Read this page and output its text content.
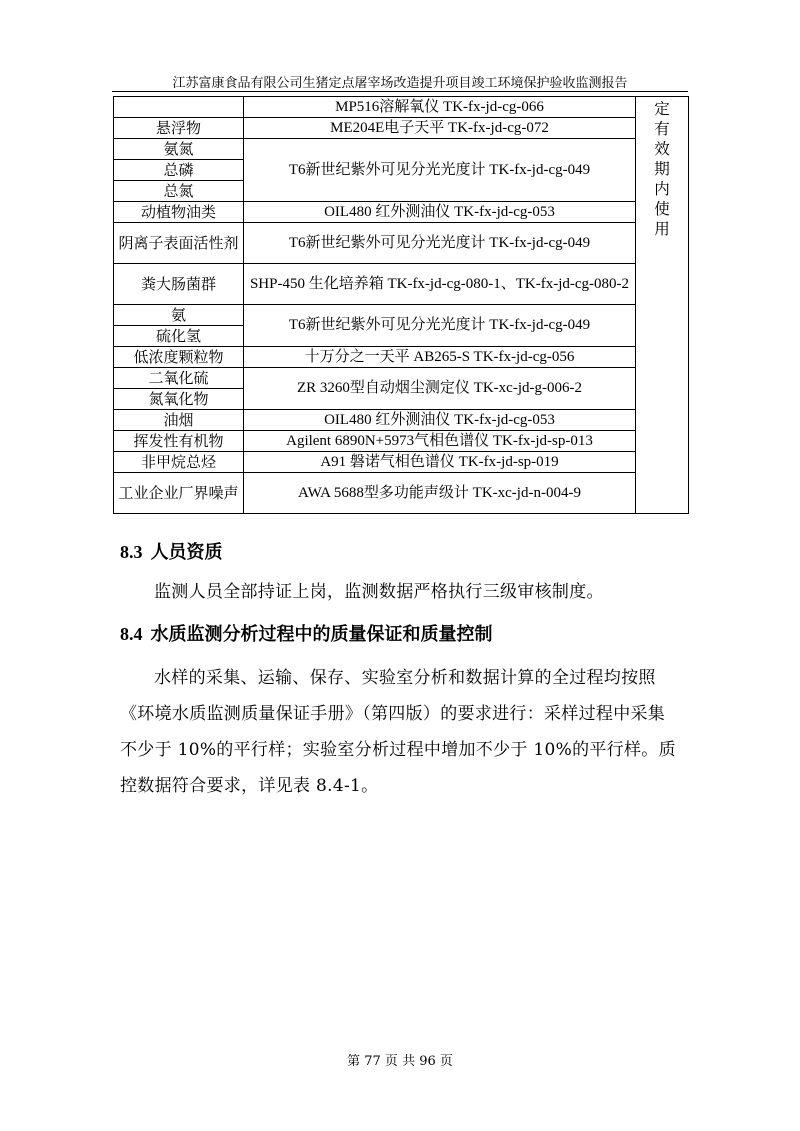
江苏富康食品有限公司生猪定点屠宰场改造提升项目竣工环境保护验收监测报告
	MP516溶解氧仪 TK-fx-jd-cg-066	定有效期内使用

悬浮物	ME204E电子天平 TK-fx-jd-cg-072	
氨氮	T6新世纪紫外可见分光光度计 TK-fx-jd-cg-049	
总磷		
总氮		
动植物油类	OIL480 红外测油仪 TK-fx-jd-cg-053	
阴离子表面活性剂	T6新世纪紫外可见分光光度计 TK-fx-jd-cg-049	
粪大肠菌群	SHP-450 生化培养箱 TK-fx-jd-cg-080-1、TK-fx-jd-cg-080-2	
氨	T6新世纪紫外可见分光光度计 TK-fx-jd-cg-049	
硫化氢		
低浓度颗粒物	十万分之一天平 AB265-S TK-fx-jd-cg-056	
二氧化硫	ZR 3260型自动烟尘测定仪 TK-xc-jd-g-006-2	
氮氧化物		
油烟	OIL480 红外测油仪 TK-fx-jd-cg-053	
挥发性有机物	Agilent 6890N+5973气相色谱仪 TK-fx-jd-sp-013	
非甲烷总烃	A91 磐诺气相色谱仪 TK-fx-jd-sp-019	
工业企业厂界噪声	AWA 5688型多功能声级计 TK-xc-jd-n-004-9	
8.3 人员资质
监测人员全部持证上岗，监测数据严格执行三级审核制度。
8.4 水质监测分析过程中的质量保证和质量控制
水样的采集、运输、保存、实验室分析和数据计算的全过程均按照《环境水质监测质量保证手册》（第四版）的要求进行：采样过程中采集不少于 10%的平行样；实验室分析过程中增加不少于 10%的平行样。质控数据符合要求，详见表 8.4-1。
第 77 页 共 96 页
